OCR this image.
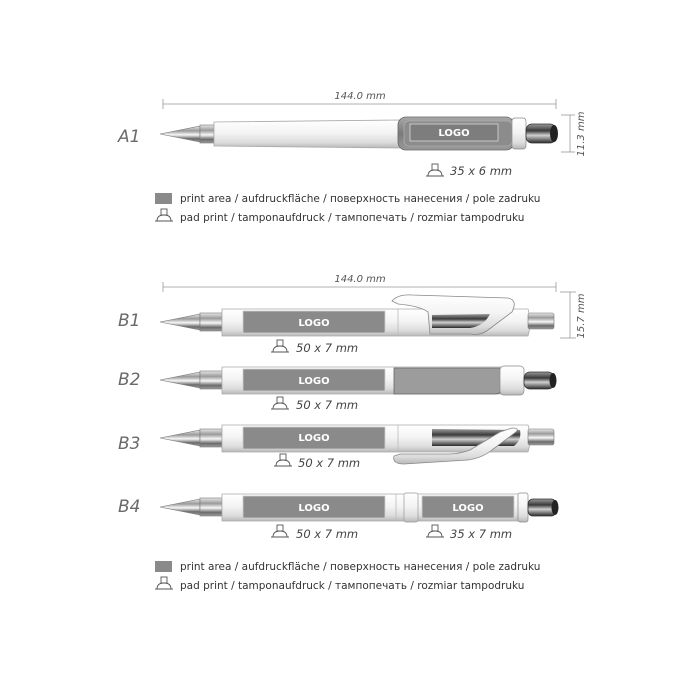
144.0 mm
11.3 mm
A1	LOGO
35 x 6 mm
print area / aufdruckfläche / поверхность нанесения / pole zadruku
pad print / tamponaufdruck / тампопечать / rozmiar tampodruku
144.0 mm
15.7 mm
B1	LOGO
50 x 7 mm
B2	LOGO
50 x 7 mm
B3	LOGO
50 x 7 mm
B4	LOGO	LOGO
50 x 7 mm	35 x 7 mm
print area / aufdruckfläche / поверхность нанесения / pole zadruku
pad print / tamponaufdruck / тампопечать / rozmiar tampodruku
